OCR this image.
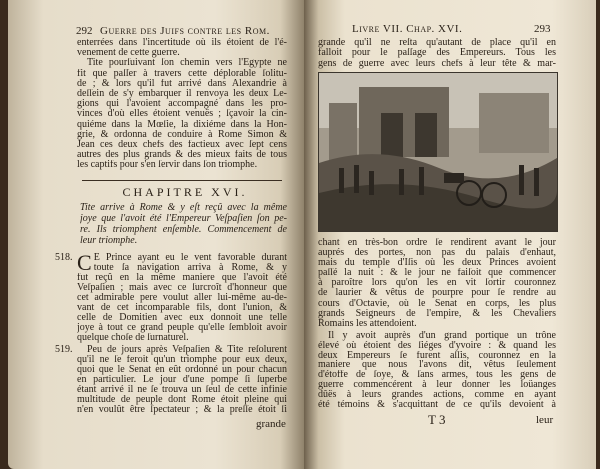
292 Guerre des Juifs contre les Rom.
enterrées dans l'incertitude où ils étoient de l'é-
venement de cette guerre.
Tite pourſuivant ſon chemin vers l'Egypte ne
fit que paſſer à travers cette déplorable ſolitu-
de ; & lors qu'il fut arrivé dans Alexandrie à
deſſein de s'y embarquer il renvoya les deux Le-
gions qui l'avoient accompagné dans les pro-
vinces d'où elles étoient venuës ; ſçavoir la cin-
quiéme dans la Mœſie, la dixiéme dans la Hon-
grie, & ordonna de conduire à Rome Simon &
Jean ces deux chefs des factieux avec ſept cens
autres des plus grands & des mieux faits de tous
les captifs pour s'en ſervir dans ſon triomphe.
CHAPITRE XVI.
Tite arrive à Rome & y eſt reçû avec la même
joye que l'avoit été l'Empereur Veſpaſien ſon pe-
re. Ils triomphent enſemble. Commencement de
leur triomphe.
518. C E Prince ayant eu le vent favorable durant
toute ſa navigation arriva à Rome, & y
fut reçû en la même maniere que l'avoit été
Veſpaſien ; mais avec ce ſurcroît d'honneur que
cet admirable pere voulut aller lui-même au-de-
vant de cet incomparable fils, dont l'union, &
celle de Domitien avec eux donnoit une telle
joye à tout ce grand peuple qu'elle ſembloit avoir
quelque choſe de ſurnaturel.
519.	Peu de jours après Veſpaſien & Tite reſolurent
qu'il ne ſe feroit qu'un triomphe pour eux deux,
quoi que le Senat en eût ordonné un pour chacun
en particulier. Le jour d'une pompe ſi ſuperbe
étant arrivé il ne ſe trouva un ſeul de cette infinie
multitude de peuple dont Rome étoit pleine qui
n'en voulût être ſpectateur ; & la preſſe étoit ſi
grande
Livre VII. Chap. XVI.	293
grande qu'il ne reſta qu'autant de place qu'il en
falloit pour le paſſage des Empereurs. Tous les
gens de guerre avec leurs chefs à leur tête & mar-
chant en très-bon ordre ſe rendirent avant le jour
auprés des portes, non pas du palais d'enhaut,
mais du temple d'Iſis où les deux Princes avoient
paſſé la nuit : & le jour ne faiſoit que commencer
à paroître lors qu'on les en vit ſortir couronnez
de laurier & vêtus de pourpre pour ſe rendre au
cours d'Octavie, où le Senat en corps, les plus
grands Seigneurs de l'empire, & les Chevaliers
Romains les attendoient.
Il y avoit auprès d'un grand portique un trône
élevé où étoient des ſiéges d'yvoire : & quand les
deux Empereurs ſe furent aſſis, couronnez en la
maniere que nous l'avons dit, vêtus ſeulement
d'étoffe de ſoye, & ſans armes, tous les gens de
guerre commencérent à leur donner les loüanges
dûës à leurs grandes actions, comme en ayant
été témoins & s'acquittant de ce qu'ils devoient à
T 3	leur
